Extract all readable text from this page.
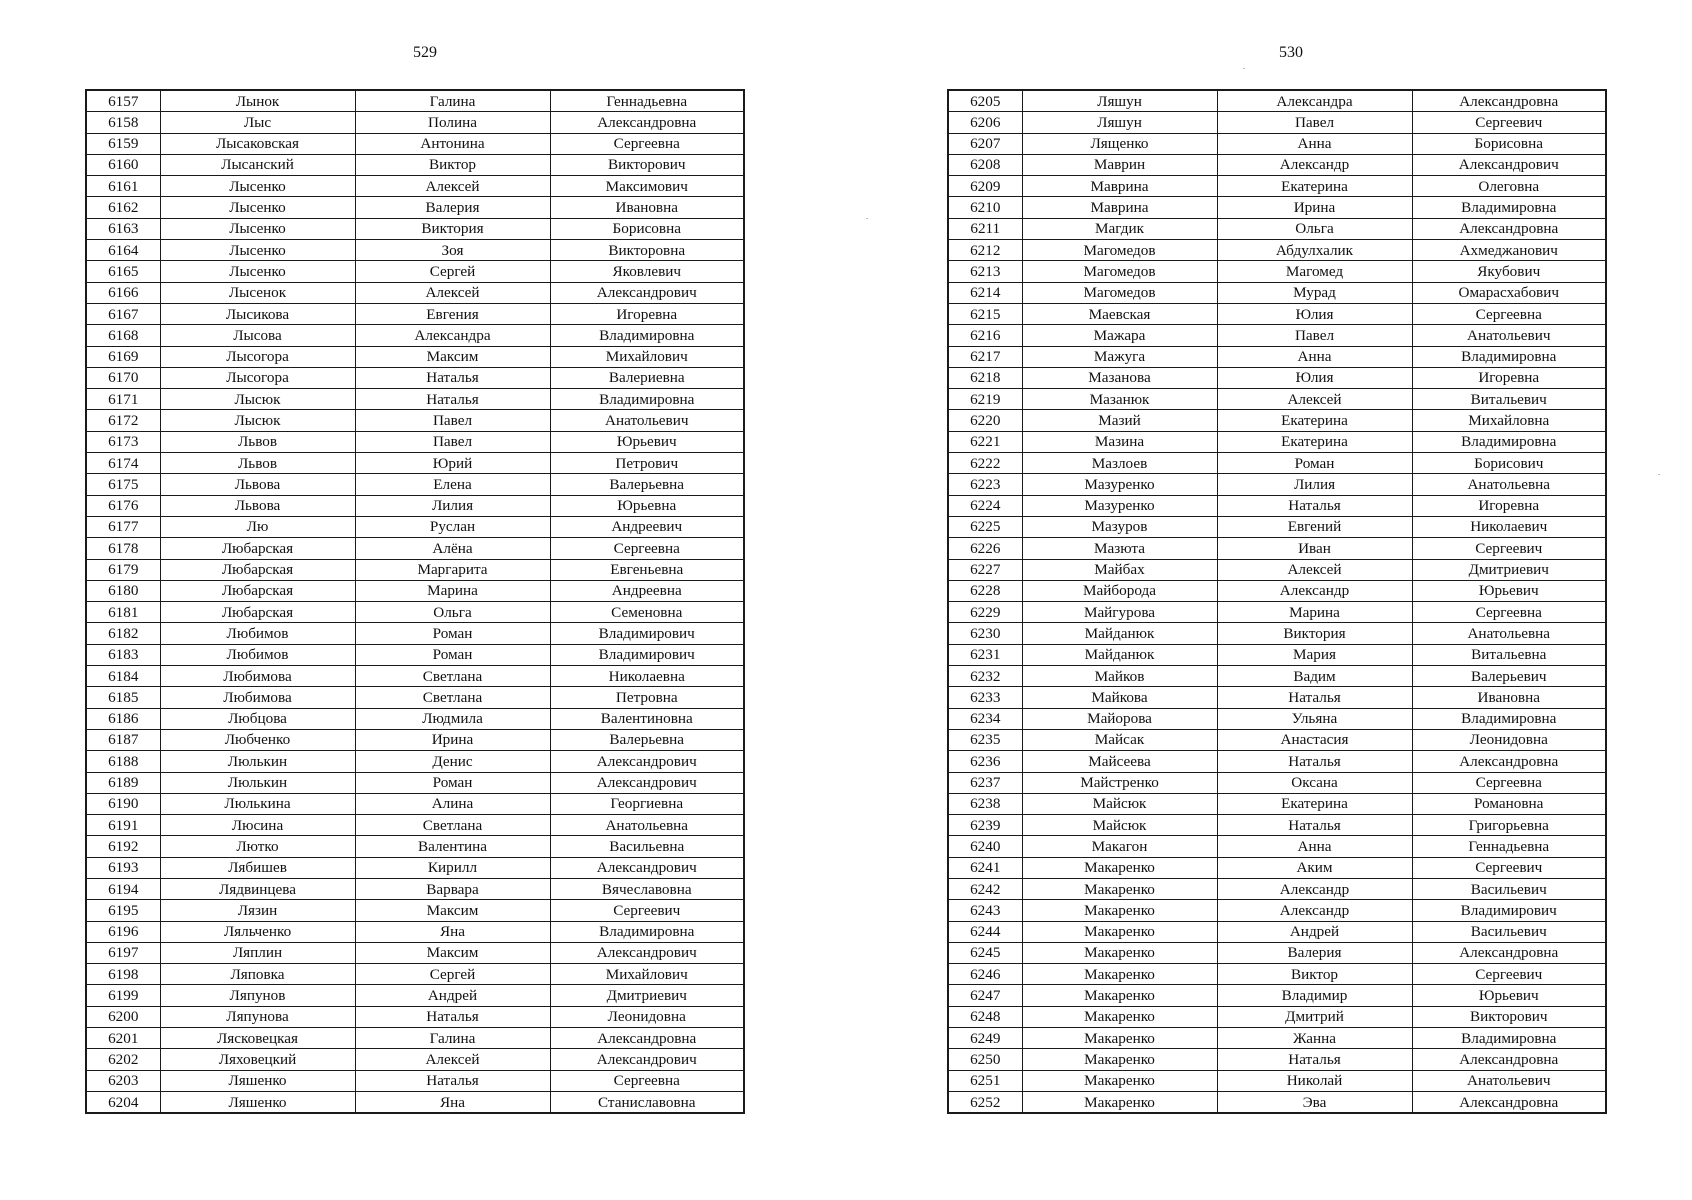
529	530
6157	Лынок	Галина	Геннадьевна
6158	Лыс	Полина	Александровна
6159	Лысаковская	Антонина	Сергеевна
6160	Лысанский	Виктор	Викторович
6161	Лысенко	Алексей	Максимович
6162	Лысенко	Валерия	Ивановна
6163	Лысенко	Виктория	Борисовна
6164	Лысенко	Зоя	Викторовна
6165	Лысенко	Сергей	Яковлевич
6166	Лысенок	Алексей	Александрович
6167	Лысикова	Евгения	Игоревна
6168	Лысова	Александра	Владимировна
6169	Лысогора	Максим	Михайлович
6170	Лысогора	Наталья	Валериевна
6171	Лысюк	Наталья	Владимировна
6172	Лысюк	Павел	Анатольевич
6173	Львов	Павел	Юрьевич
6174	Львов	Юрий	Петрович
6175	Львова	Елена	Валерьевна
6176	Львова	Лилия	Юрьевна
6177	Лю	Руслан	Андреевич
6178	Любарская	Алёна	Сергеевна
6179	Любарская	Маргарита	Евгеньевна
6180	Любарская	Марина	Андреевна
6181	Любарская	Ольга	Семеновна
6182	Любимов	Роман	Владимирович
6183	Любимов	Роман	Владимирович
6184	Любимова	Светлана	Николаевна
6185	Любимова	Светлана	Петровна
6186	Любцова	Людмила	Валентиновна
6187	Любченко	Ирина	Валерьевна
6188	Люлькин	Денис	Александрович
6189	Люлькин	Роман	Александрович
6190	Люлькина	Алина	Георгиевна
6191	Люсина	Светлана	Анатольевна
6192	Лютко	Валентина	Васильевна
6193	Лябишев	Кирилл	Александрович
6194	Лядвинцева	Варвара	Вячеславовна
6195	Лязин	Максим	Сергеевич
6196	Ляльченко	Яна	Владимировна
6197	Ляплин	Максим	Александрович
6198	Ляповка	Сергей	Михайлович
6199	Ляпунов	Андрей	Дмитриевич
6200	Ляпунова	Наталья	Леонидовна
6201	Лясковецкая	Галина	Александровна
6202	Ляховецкий	Алексей	Александрович
6203	Ляшенко	Наталья	Сергеевна
6204	Ляшенко	Яна	Станиславовна
6205	Ляшун	Александра	Александровна
6206	Ляшун	Павел	Сергеевич
6207	Лященко	Анна	Борисовна
6208	Маврин	Александр	Александрович
6209	Маврина	Екатерина	Олеговна
6210	Маврина	Ирина	Владимировна
6211	Магдик	Ольга	Александровна
6212	Магомедов	Абдулхалик	Ахмеджанович
6213	Магомедов	Магомед	Якубович
6214	Магомедов	Мурад	Омарасхабович
6215	Маевская	Юлия	Сергеевна
6216	Мажара	Павел	Анатольевич
6217	Мажуга	Анна	Владимировна
6218	Мазанова	Юлия	Игоревна
6219	Мазанюк	Алексей	Витальевич
6220	Мазий	Екатерина	Михайловна
6221	Мазина	Екатерина	Владимировна
6222	Мазлоев	Роман	Борисович
6223	Мазуренко	Лилия	Анатольевна
6224	Мазуренко	Наталья	Игоревна
6225	Мазуров	Евгений	Николаевич
6226	Мазюта	Иван	Сергеевич
6227	Майбах	Алексей	Дмитриевич
6228	Майборода	Александр	Юрьевич
6229	Майгурова	Марина	Сергеевна
6230	Майданюк	Виктория	Анатольевна
6231	Майданюк	Мария	Витальевна
6232	Майков	Вадим	Валерьевич
6233	Майкова	Наталья	Ивановна
6234	Майорова	Ульяна	Владимировна
6235	Майсак	Анастасия	Леонидовна
6236	Майсеева	Наталья	Александровна
6237	Майстренко	Оксана	Сергеевна
6238	Майсюк	Екатерина	Романовна
6239	Майсюк	Наталья	Григорьевна
6240	Макагон	Анна	Геннадьевна
6241	Макаренко	Аким	Сергеевич
6242	Макаренко	Александр	Васильевич
6243	Макаренко	Александр	Владимирович
6244	Макаренко	Андрей	Васильевич
6245	Макаренко	Валерия	Александровна
6246	Макаренко	Виктор	Сергеевич
6247	Макаренко	Владимир	Юрьевич
6248	Макаренко	Дмитрий	Викторович
6249	Макаренко	Жанна	Владимировна
6250	Макаренко	Наталья	Александровна
6251	Макаренко	Николай	Анатольевич
6252	Макаренко	Эва	Александровна
